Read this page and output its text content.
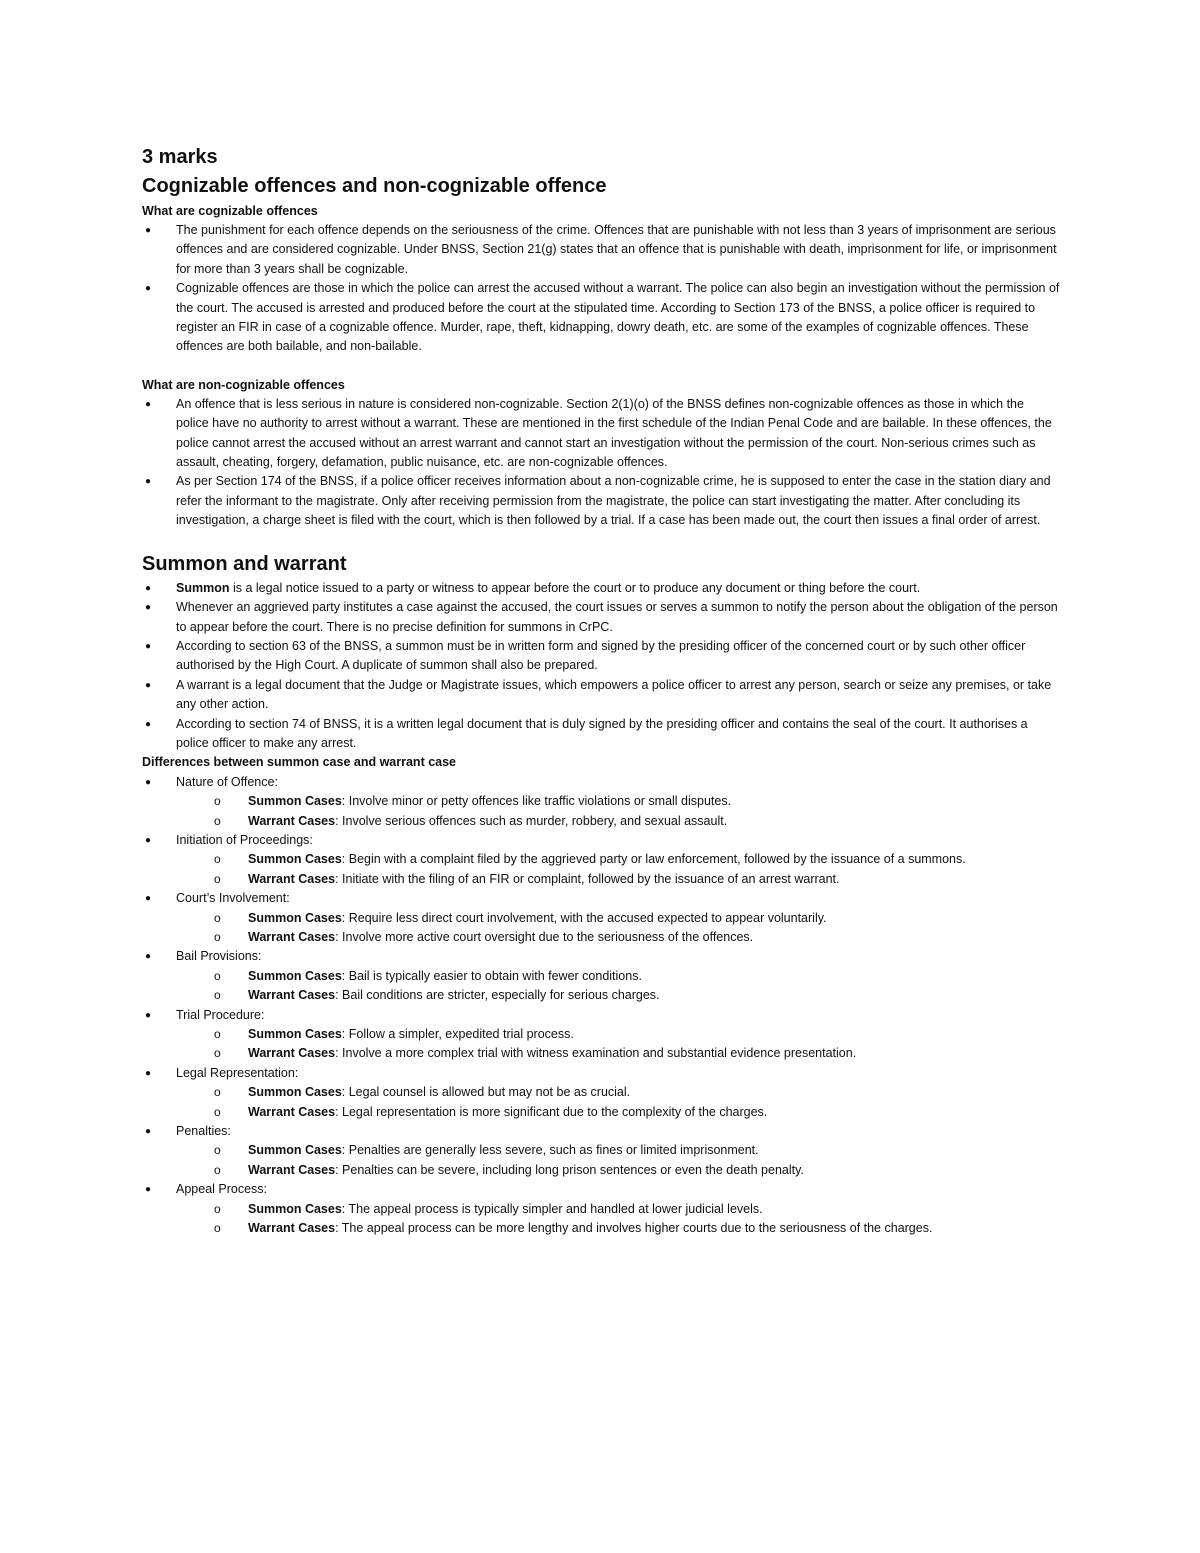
3 marks
Cognizable offences and non-cognizable offence

What are cognizable offences

● The punishment for each offence depends on the seriousness of the crime. Offences that are punishable with not less than 3 years of imprisonment are serious offences and are considered cognizable. Under BNSS, Section 21(g) states that an offence that is punishable with death, imprisonment for life, or imprisonment for more than 3 years shall be cognizable.
● Cognizable offences are those in which the police can arrest the accused without a warrant. The police can also begin an investigation without the permission of the court. The accused is arrested and produced before the court at the stipulated time. According to Section 173 of the BNSS, a police officer is required to register an FIR in case of a cognizable offence. Murder, rape, theft, kidnapping, dowry death, etc. are some of the examples of cognizable offences. These offences are both bailable, and non-bailable.

What are non-cognizable offences

● An offence that is less serious in nature is considered non-cognizable. Section 2(1)(o) of the BNSS defines non-cognizable offences as those in which the police have no authority to arrest without a warrant. These are mentioned in the first schedule of the Indian Penal Code and are bailable. In these offences, the police cannot arrest the accused without an arrest warrant and cannot start an investigation without the permission of the court. Non-serious crimes such as assault, cheating, forgery, defamation, public nuisance, etc. are non-cognizable offences.
● As per Section 174 of the BNSS, if a police officer receives information about a non-cognizable crime, he is supposed to enter the case in the station diary and refer the informant to the magistrate. Only after receiving permission from the magistrate, the police can start investigating the matter. After concluding its investigation, a charge sheet is filed with the court, which is then followed by a trial. If a case has been made out, the court then issues a final order of arrest.
Summon and warrant
● Summon is a legal notice issued to a party or witness to appear before the court or to produce any document or thing before the court.
● Whenever an aggrieved party institutes a case against the accused, the court issues or serves a summon to notify the person about the obligation of the person to appear before the court. There is no precise definition for summons in CrPC.
● According to section 63 of the BNSS, a summon must be in written form and signed by the presiding officer of the concerned court or by such other officer authorised by the High Court. A duplicate of summon shall also be prepared.
● A warrant is a legal document that the Judge or Magistrate issues, which empowers a police officer to arrest any person, search or seize any premises, or take any other action.
● According to section 74 of BNSS, it is a written legal document that is duly signed by the presiding officer and contains the seal of the court. It authorises a police officer to make any arrest.

Differences between summon case and warrant case

● Nature of Offence:
o Summon Cases: Involve minor or petty offences like traffic violations or small disputes.
o Warrant Cases: Involve serious offences such as murder, robbery, and sexual assault.
● Initiation of Proceedings:
o Summon Cases: Begin with a complaint filed by the aggrieved party or law enforcement, followed by the issuance of a summons.
o Warrant Cases: Initiate with the filing of an FIR or complaint, followed by the issuance of an arrest warrant.
● Court’s Involvement:
o Summon Cases: Require less direct court involvement, with the accused expected to appear voluntarily.
o Warrant Cases: Involve more active court oversight due to the seriousness of the offences.
● Bail Provisions:
o Summon Cases: Bail is typically easier to obtain with fewer conditions.
o Warrant Cases: Bail conditions are stricter, especially for serious charges.
● Trial Procedure:
o Summon Cases: Follow a simpler, expedited trial process.
o Warrant Cases: Involve a more complex trial with witness examination and substantial evidence presentation.
● Legal Representation:
o Summon Cases: Legal counsel is allowed but may not be as crucial.
o Warrant Cases: Legal representation is more significant due to the complexity of the charges.
● Penalties:
o Summon Cases: Penalties are generally less severe, such as fines or limited imprisonment.
o Warrant Cases: Penalties can be severe, including long prison sentences or even the death penalty.
● Appeal Process:
o Summon Cases: The appeal process is typically simpler and handled at lower judicial levels.
o Warrant Cases: The appeal process can be more lengthy and involves higher courts due to the seriousness of the charges.
